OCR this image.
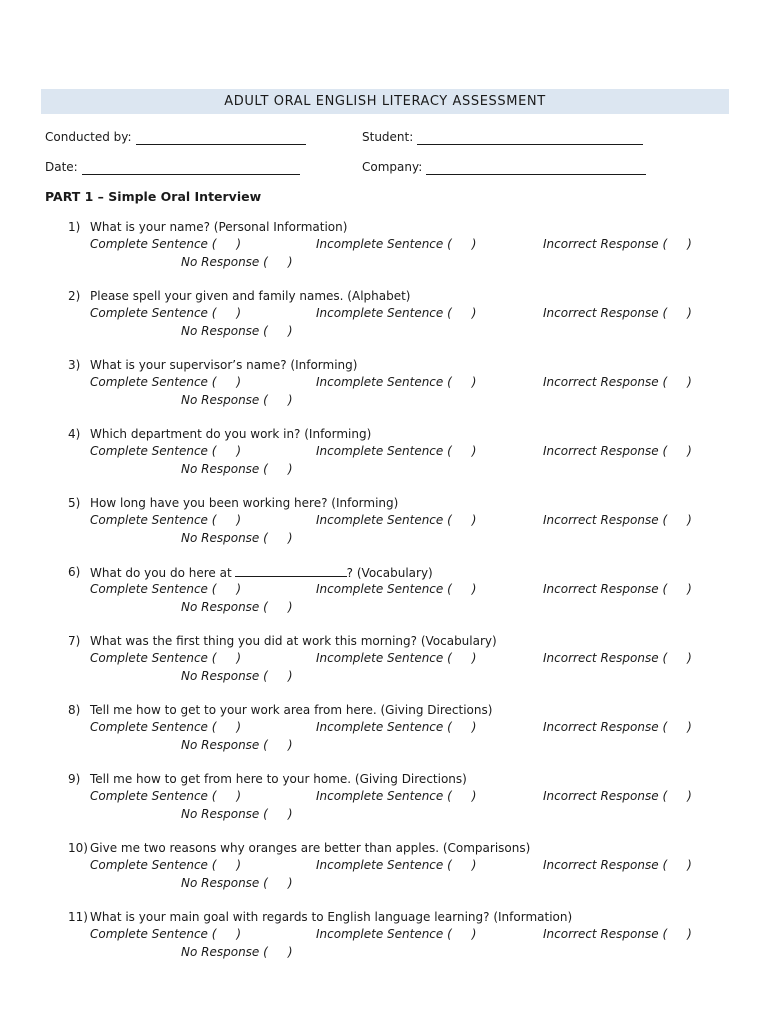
ADULT ORAL ENGLISH LITERACY ASSESSMENT
Conducted by:	Student:
Date:	Company:
PART 1 – Simple Oral Interview
1) What is your name? (Personal Information)
Complete Sentence ( )	Incomplete Sentence ( )	Incorrect Response ( )
No Response ( )
2) Please spell your given and family names. (Alphabet)
Complete Sentence ( )	Incomplete Sentence ( )	Incorrect Response ( )
No Response ( )
3) What is your supervisor’s name? (Informing)
Complete Sentence ( )	Incomplete Sentence ( )	Incorrect Response ( )
No Response ( )
4) Which department do you work in? (Informing)
Complete Sentence ( )	Incomplete Sentence ( )	Incorrect Response ( )
No Response ( )
5) How long have you been working here? (Informing)
Complete Sentence ( )	Incomplete Sentence ( )	Incorrect Response ( )
No Response ( )
6) What do you do here at	? (Vocabulary)
Complete Sentence ( )	Incomplete Sentence ( )	Incorrect Response ( )
No Response ( )
7) What was the first thing you did at work this morning? (Vocabulary)
Complete Sentence ( )	Incomplete Sentence ( )	Incorrect Response ( )
No Response ( )
8) Tell me how to get to your work area from here. (Giving Directions)
Complete Sentence ( )	Incomplete Sentence ( )	Incorrect Response ( )
No Response ( )
9) Tell me how to get from here to your home. (Giving Directions)
Complete Sentence ( )	Incomplete Sentence ( )	Incorrect Response ( )
No Response ( )
10) Give me two reasons why oranges are better than apples. (Comparisons)
Complete Sentence ( )	Incomplete Sentence ( )	Incorrect Response ( )
No Response ( )
11) What is your main goal with regards to English language learning? (Information)
Complete Sentence ( )	Incomplete Sentence ( )	Incorrect Response ( )
No Response ( )
